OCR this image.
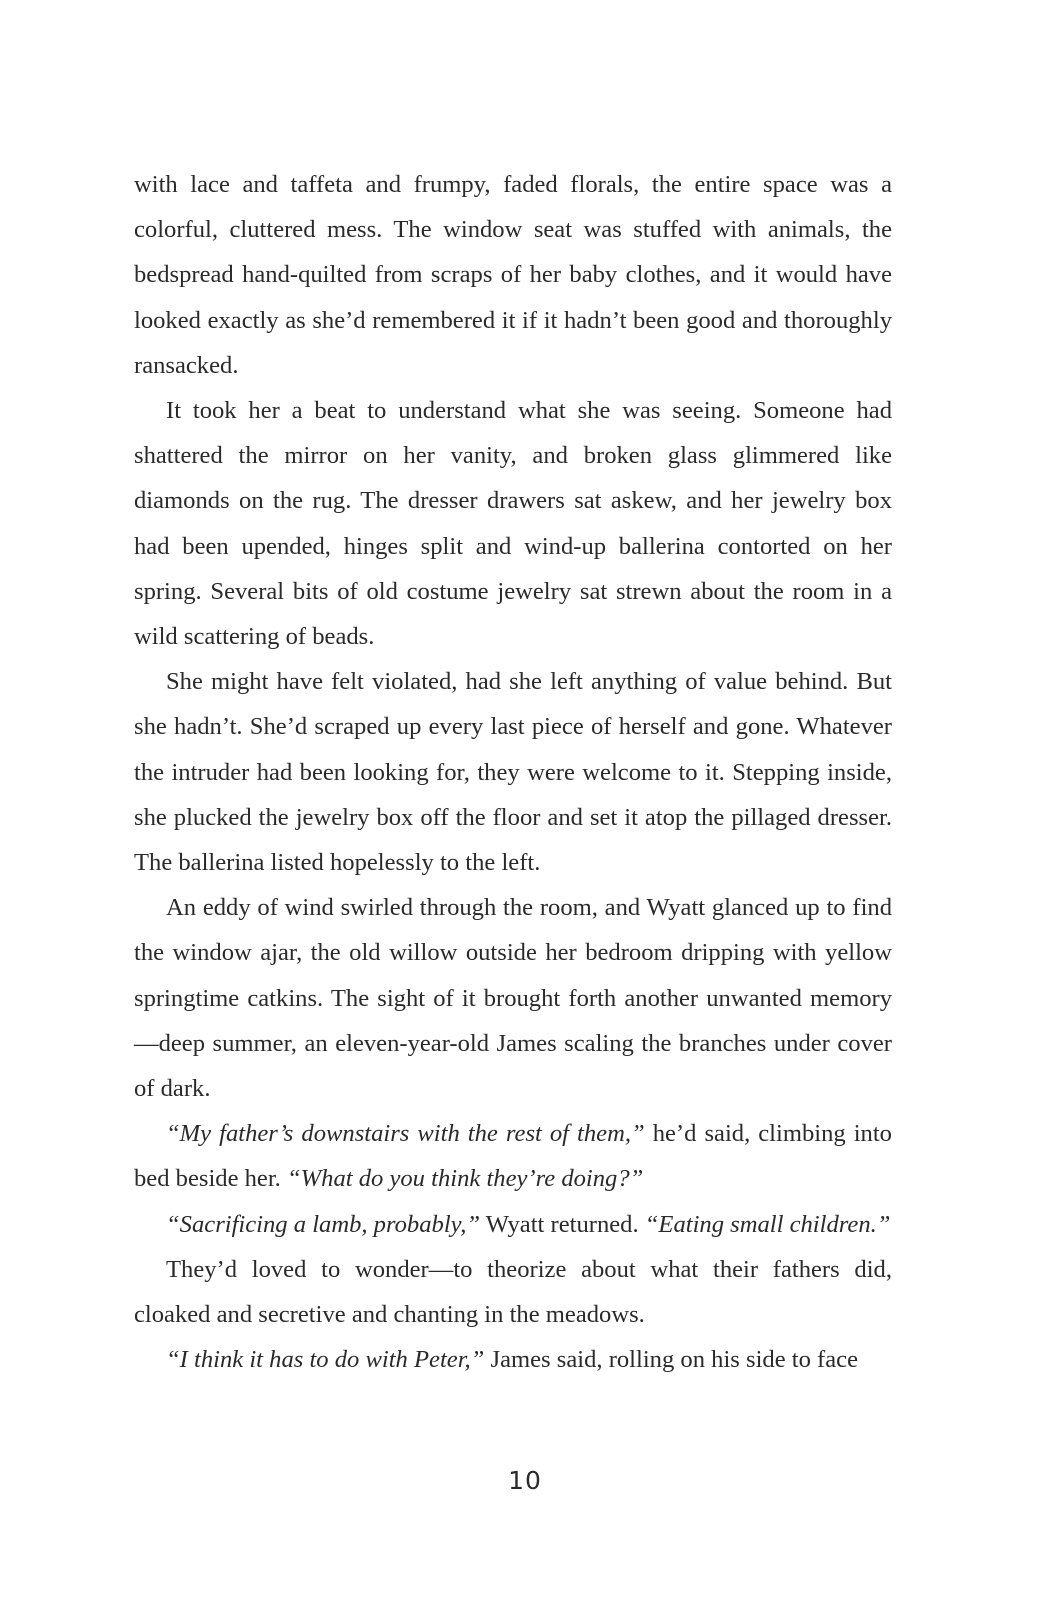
with lace and taffeta and frumpy, faded florals, the entire space was a colorful, cluttered mess. The window seat was stuffed with animals, the bedspread hand-quilted from scraps of her baby clothes, and it would have looked exactly as she’d remembered it if it hadn’t been good and thoroughly ransacked.

It took her a beat to understand what she was seeing. Someone had shattered the mirror on her vanity, and broken glass glimmered like diamonds on the rug. The dresser drawers sat askew, and her jewelry box had been upended, hinges split and wind-up ballerina contorted on her spring. Several bits of old costume jewelry sat strewn about the room in a wild scattering of beads.

She might have felt violated, had she left anything of value behind. But she hadn’t. She’d scraped up every last piece of herself and gone. Whatever the intruder had been looking for, they were welcome to it. Stepping inside, she plucked the jewelry box off the floor and set it atop the pillaged dresser. The ballerina listed hopelessly to the left.

An eddy of wind swirled through the room, and Wyatt glanced up to find the window ajar, the old willow outside her bedroom dripping with yellow springtime catkins. The sight of it brought forth another unwanted memory—deep summer, an eleven-year-old James scaling the branches under cover of dark.

“My father’s downstairs with the rest of them,” he’d said, climbing into bed beside her. “What do you think they’re doing?”

“Sacrificing a lamb, probably,” Wyatt returned. “Eating small children.”

They’d loved to wonder—to theorize about what their fathers did, cloaked and secretive and chanting in the meadows.

“I think it has to do with Peter,” James said, rolling on his side to face

10
